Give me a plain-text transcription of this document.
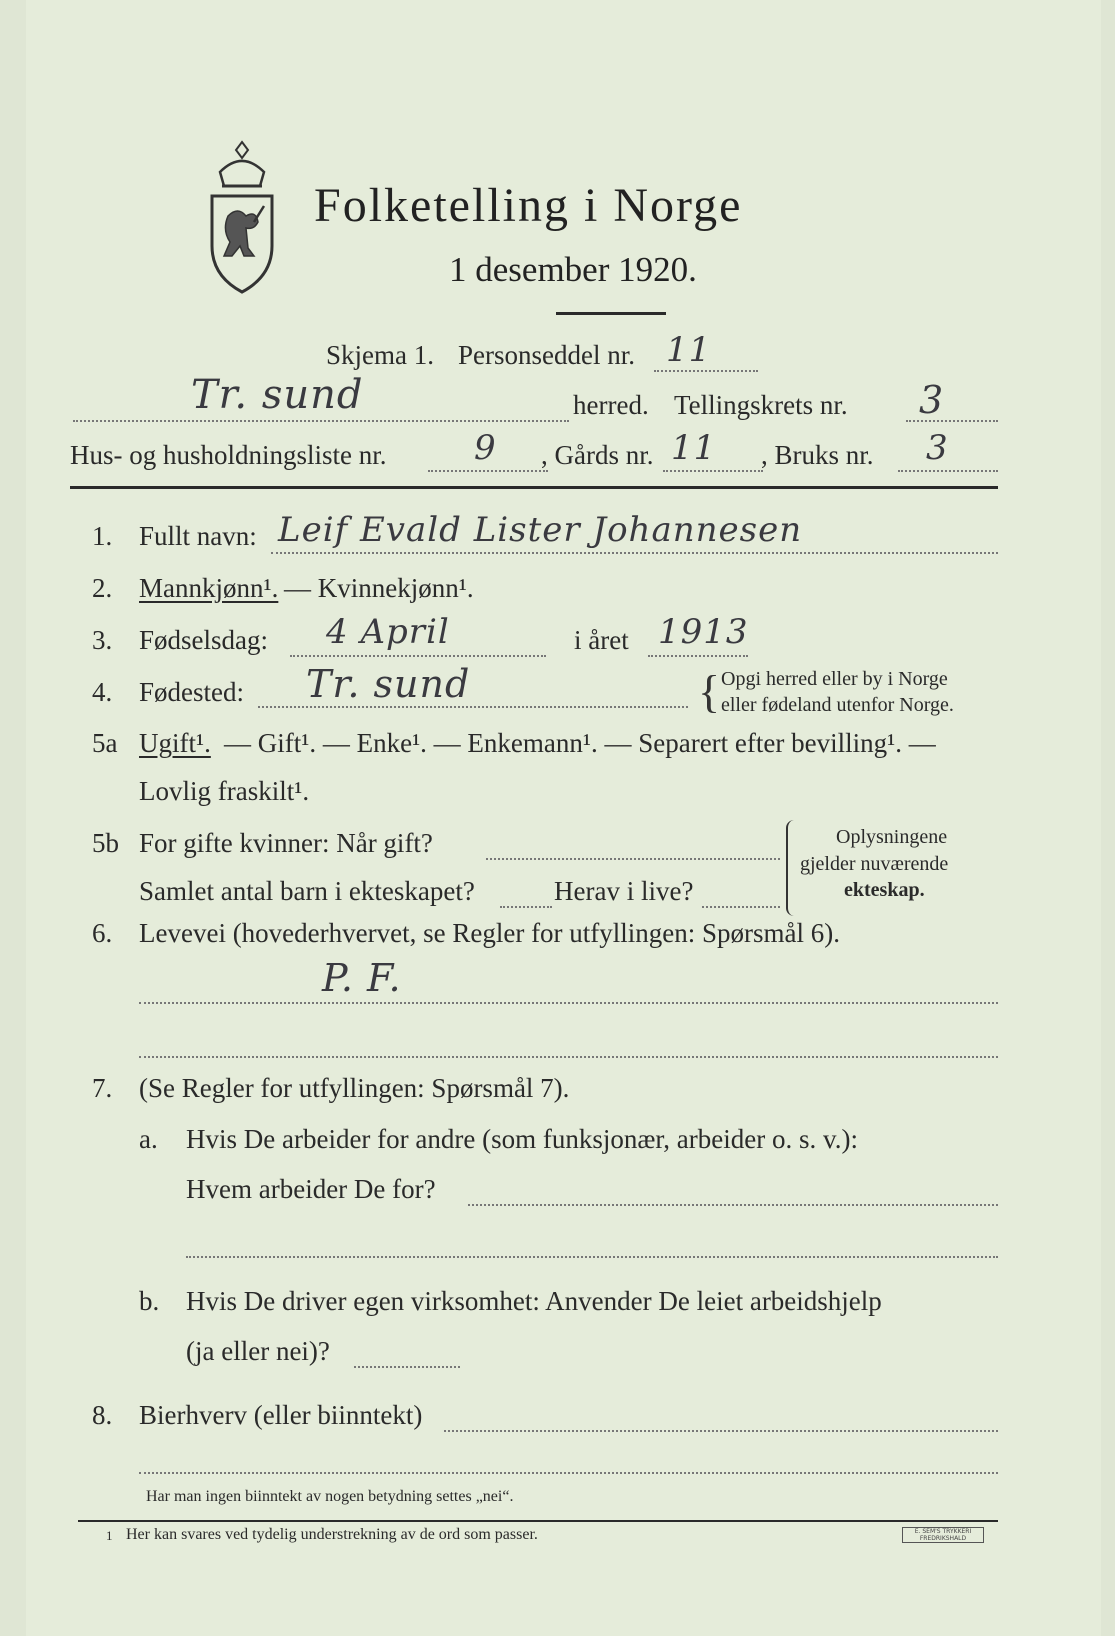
Folketelling i Norge
1 desember 1920.
Skjema 1. Personseddel nr. 11
Tr. sund	herred. Tellingskrets nr. 3
Hus- og husholdningsliste nr.	9 , Gårds nr. 11 , Bruks nr. 3
1. Fullt navn: Leif Evald Lister Johannesen
2. Mannkjønn¹. — Kvinnekjønn¹.
3. Fødselsdag: 4 April	i året 1913
4. Fødested: Tr. sund	{ Opgi herred eller by i Norge
eller fødeland utenfor Norge.
5a Ugift¹. — Gift¹. — Enke¹. — Enkemann¹. — Separert efter bevilling¹. —
Lovlig fraskilt¹.
5b For gifte kvinner: Når gift?
Samlet antal barn i ekteskapet?	Herav i live?
Oplysningene
gjelder nuværende
ekteskap.
6. Levevei (hovederhvervet, se Regler for utfyllingen: Spørsmål 6).
P. F.
7. (Se Regler for utfyllingen: Spørsmål 7).
a. Hvis De arbeider for andre (som funksjonær, arbeider o. s. v.):
Hvem arbeider De for?
b. Hvis De driver egen virksomhet: Anvender De leiet arbeidshjelp
(ja eller nei)?
8. Bierhverv (eller biinntekt)
Har man ingen biinntekt av nogen betydning settes „nei“.
1 Her kan svares ved tydelig understrekning av de ord som passer.	E. SEM'S TRYKKERI FREDRIKSHALD
